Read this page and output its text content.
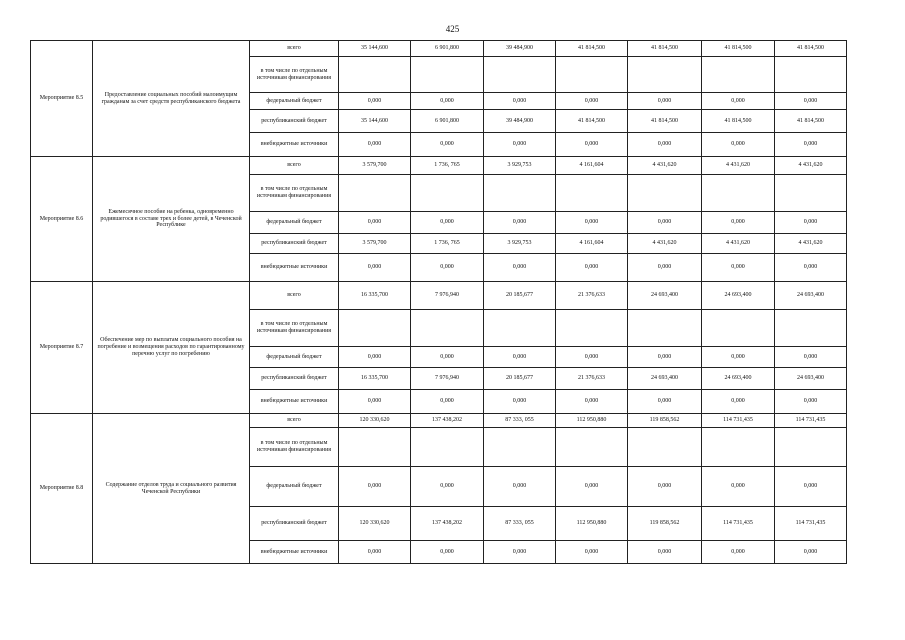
425
Мероприятие 8.5	Предоставление социальных пособий малоимущим гражданам за счет средств республиканского бюджета	всего	35 144,600	6 901,800	39 484,900	41 814,500	41 814,500	41 814,500	41 814,500
		в том числе по отдельным источникам финансирования							
		федеральный бюджет	0,000	0,000	0,000	0,000	0,000	0,000	0,000
		республиканский бюджет	35 144,600	6 901,800	39 484,900	41 814,500	41 814,500	41 814,500	41 814,500
		внебюджетные источники	0,000	0,000	0,000	0,000	0,000	0,000	0,000
Мероприятие 8.6	Ежемесячное пособие на ребенка, одновременно родившегося в составе трех и более детей, в Чеченской Республике	всего	3 579,700	1 736, 765	3 929,753	4 161,604	4 431,620	4 431,620	4 431,620
		в том числе по отдельным источникам финансирования							
		федеральный бюджет	0,000	0,000	0,000	0,000	0,000	0,000	0,000
		республиканский бюджет	3 579,700	1 736, 765	3 929,753	4 161,604	4 431,620	4 431,620	4 431,620
		внебюджетные источники	0,000	0,000	0,000	0,000	0,000	0,000	0,000
Мероприятие 8.7	Обеспечение мер по выплатам социального пособия на погребение и возмещения расходов по гарантированному перечню услуг по погребению	всего	16 335,700	7 976,940	20 185,677	21 376,633	24 693,400	24 693,400	24 693,400
		в том числе по отдельным источникам финансирования							
		федеральный бюджет	0,000	0,000	0,000	0,000	0,000	0,000	0,000
		республиканский бюджет	16 335,700	7 976,940	20 185,677	21 376,633	24 693,400	24 693,400	24 693,400
		внебюджетные источники	0,000	0,000	0,000	0,000	0,000	0,000	0,000
Мероприятие 8.8	Содержание отделов труда и социального развития Чеченской Республики	всего	120 330,620	137 438,202	87 333, 055	112 950,880	119 858,562	114 731,435	114 731,435
		в том числе по отдельным источникам финансирования							
		федеральный бюджет	0,000	0,000	0,000	0,000	0,000	0,000	0,000
		республиканский бюджет	120 330,620	137 438,202	87 333, 055	112 950,880	119 858,562	114 731,435	114 731,435
		внебюджетные источники	0,000	0,000	0,000	0,000	0,000	0,000	0,000
